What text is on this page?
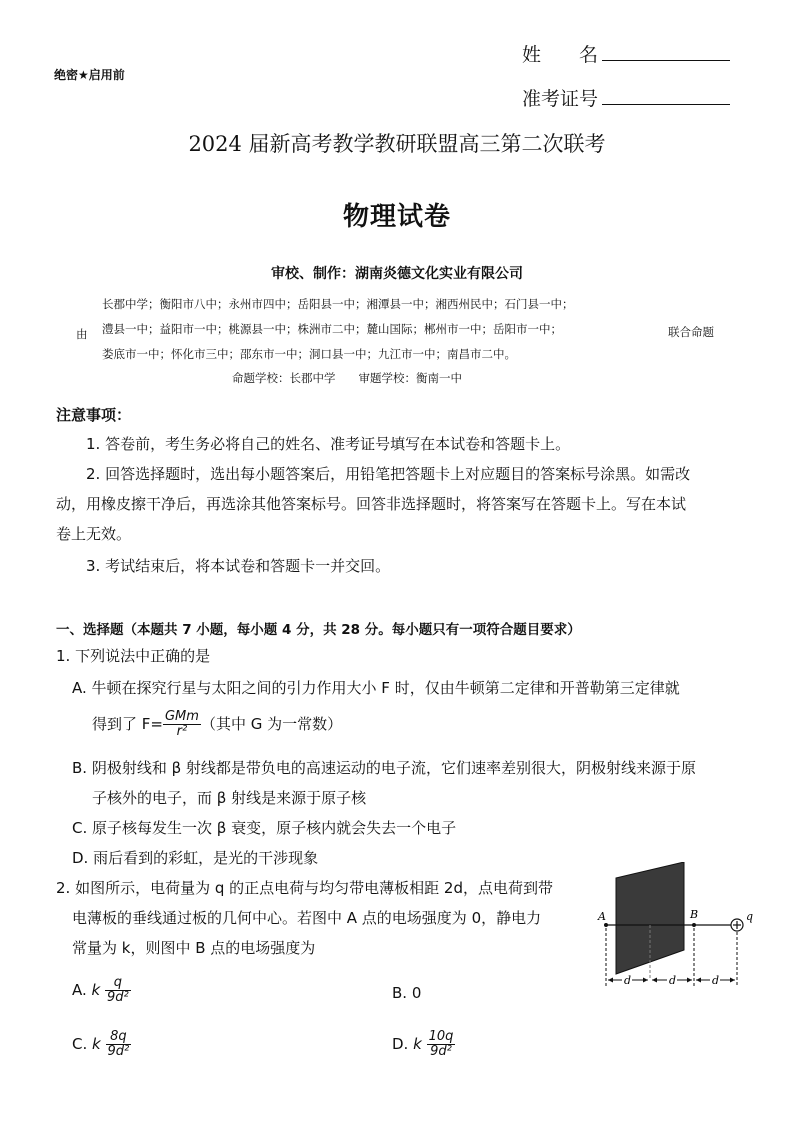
绝密★启用前
姓　　名
准考证号
2024 届新高考教学教研联盟高三第二次联考
物理试卷
审校、制作：湖南炎德文化实业有限公司
由	联合命题
长郡中学；衡阳市八中；永州市四中；岳阳县一中；湘潭县一中；湘西州民中；石门县一中；
澧县一中；益阳市一中；桃源县一中；株洲市二中；麓山国际；郴州市一中；岳阳市一中；
娄底市一中；怀化市三中；邵东市一中；洞口县一中；九江市一中；南昌市二中。
命题学校：长郡中学　　审题学校：衡南一中
注意事项：
1. 答卷前，考生务必将自己的姓名、准考证号填写在本试卷和答题卡上。
2. 回答选择题时，选出每小题答案后，用铅笔把答题卡上对应题目的答案标号涂黑。如需改
动，用橡皮擦干净后，再选涂其他答案标号。回答非选择题时，将答案写在答题卡上。写在本试
卷上无效。
3. 考试结束后，将本试卷和答题卡一并交回。
一、选择题（本题共 7 小题，每小题 4 分，共 28 分。每小题只有一项符合题目要求）
1. 下列说法中正确的是
A. 牛顿在探究行星与太阳之间的引力作用大小 F 时，仅由牛顿第二定律和开普勒第三定律就
得到了 $F= \frac{\text{GMm}}{\text{r²}}$ （其中 G 为一常数）
B. 阴极射线和 β 射线都是带负电的高速运动的电子流，它们速率差别很大，阴极射线来源于原
子核外的电子，而 β 射线是来源于原子核
C. 原子核每发生一次 β 衰变，原子核内就会失去一个电子
D. 雨后看到的彩虹，是光的干涉现象
2. 如图所示，电荷量为 q 的正点电荷与均匀带电薄板相距 2d，点电荷到带
电薄板的垂线通过板的几何中心。若图中 A 点的电场强度为 0，静电力
常量为 k，则图中 B 点的电场强度为
A. k $\frac{q}{\text{9d²}}$	B. 0
C. k $\frac{8q}{\text{9d²}}$	D. k $\frac{10q}{\text{9d²}}$
A	B	q
d	d	d
